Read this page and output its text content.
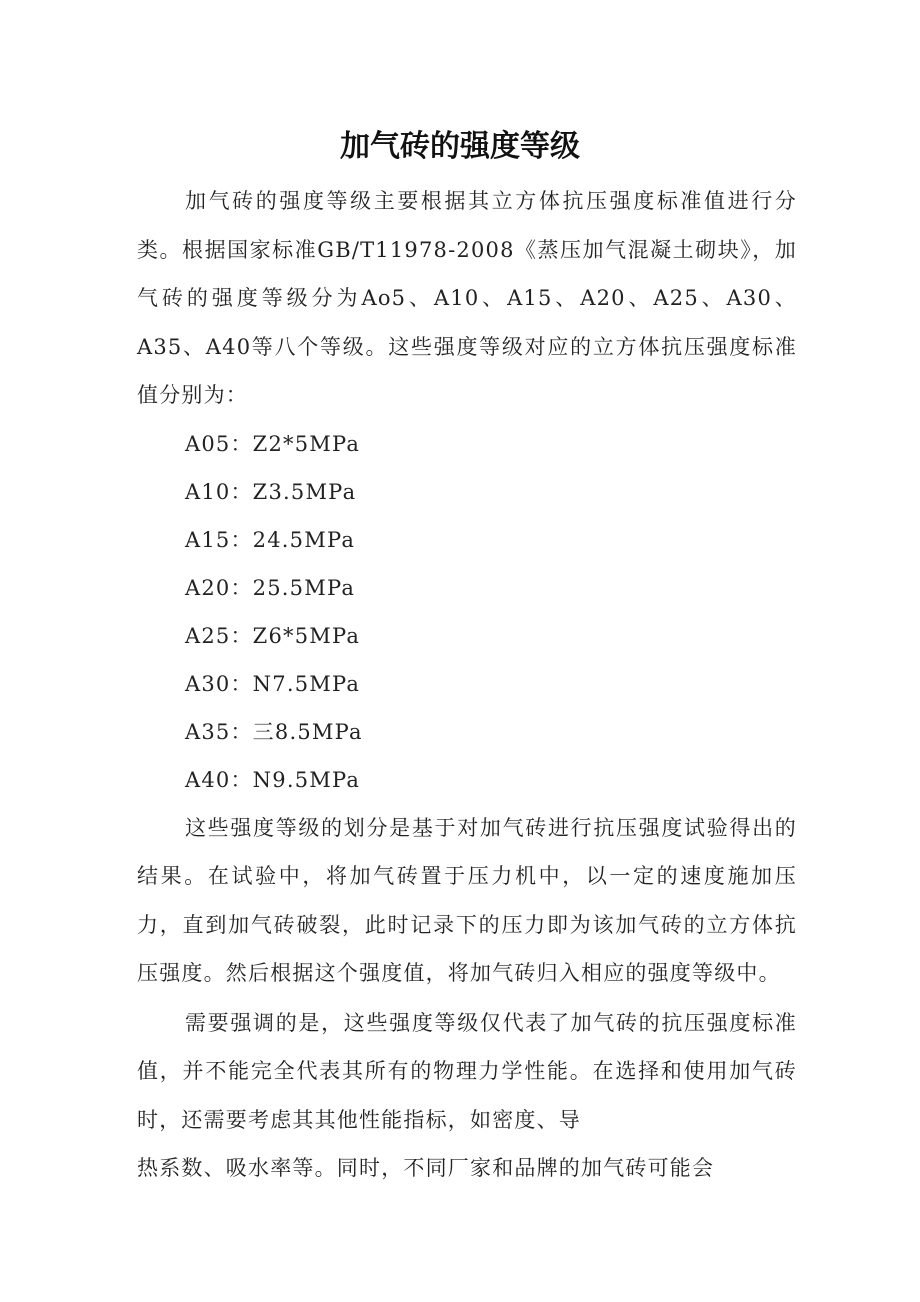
加气砖的强度等级

加气砖的强度等级主要根据其立方体抗压强度标准值进行分类。根据国家标准GB/T11978-2008《蒸压加气混凝土砌块》，加气砖的强度等级分为Ao5、A10、A15、A20、A25、A30、A35、A40等八个等级。这些强度等级对应的立方体抗压强度标准值分别为：

A05：Z2*5MPa
A10：Z3.5MPa
A15：24.5MPa
A20：25.5MPa
A25：Z6*5MPa
A30：N7.5MPa
A35：三8.5MPa
A40：N9.5MPa

这些强度等级的划分是基于对加气砖进行抗压强度试验得出的结果。在试验中，将加气砖置于压力机中，以一定的速度施加压力，直到加气砖破裂，此时记录下的压力即为该加气砖的立方体抗压强度。然后根据这个强度值，将加气砖归入相应的强度等级中。

需要强调的是，这些强度等级仅代表了加气砖的抗压强度标准值，并不能完全代表其所有的物理力学性能。在选择和使用加气砖时，还需要考虑其其他性能指标，如密度、导

热系数、吸水率等。同时，不同厂家和品牌的加气砖可能会
